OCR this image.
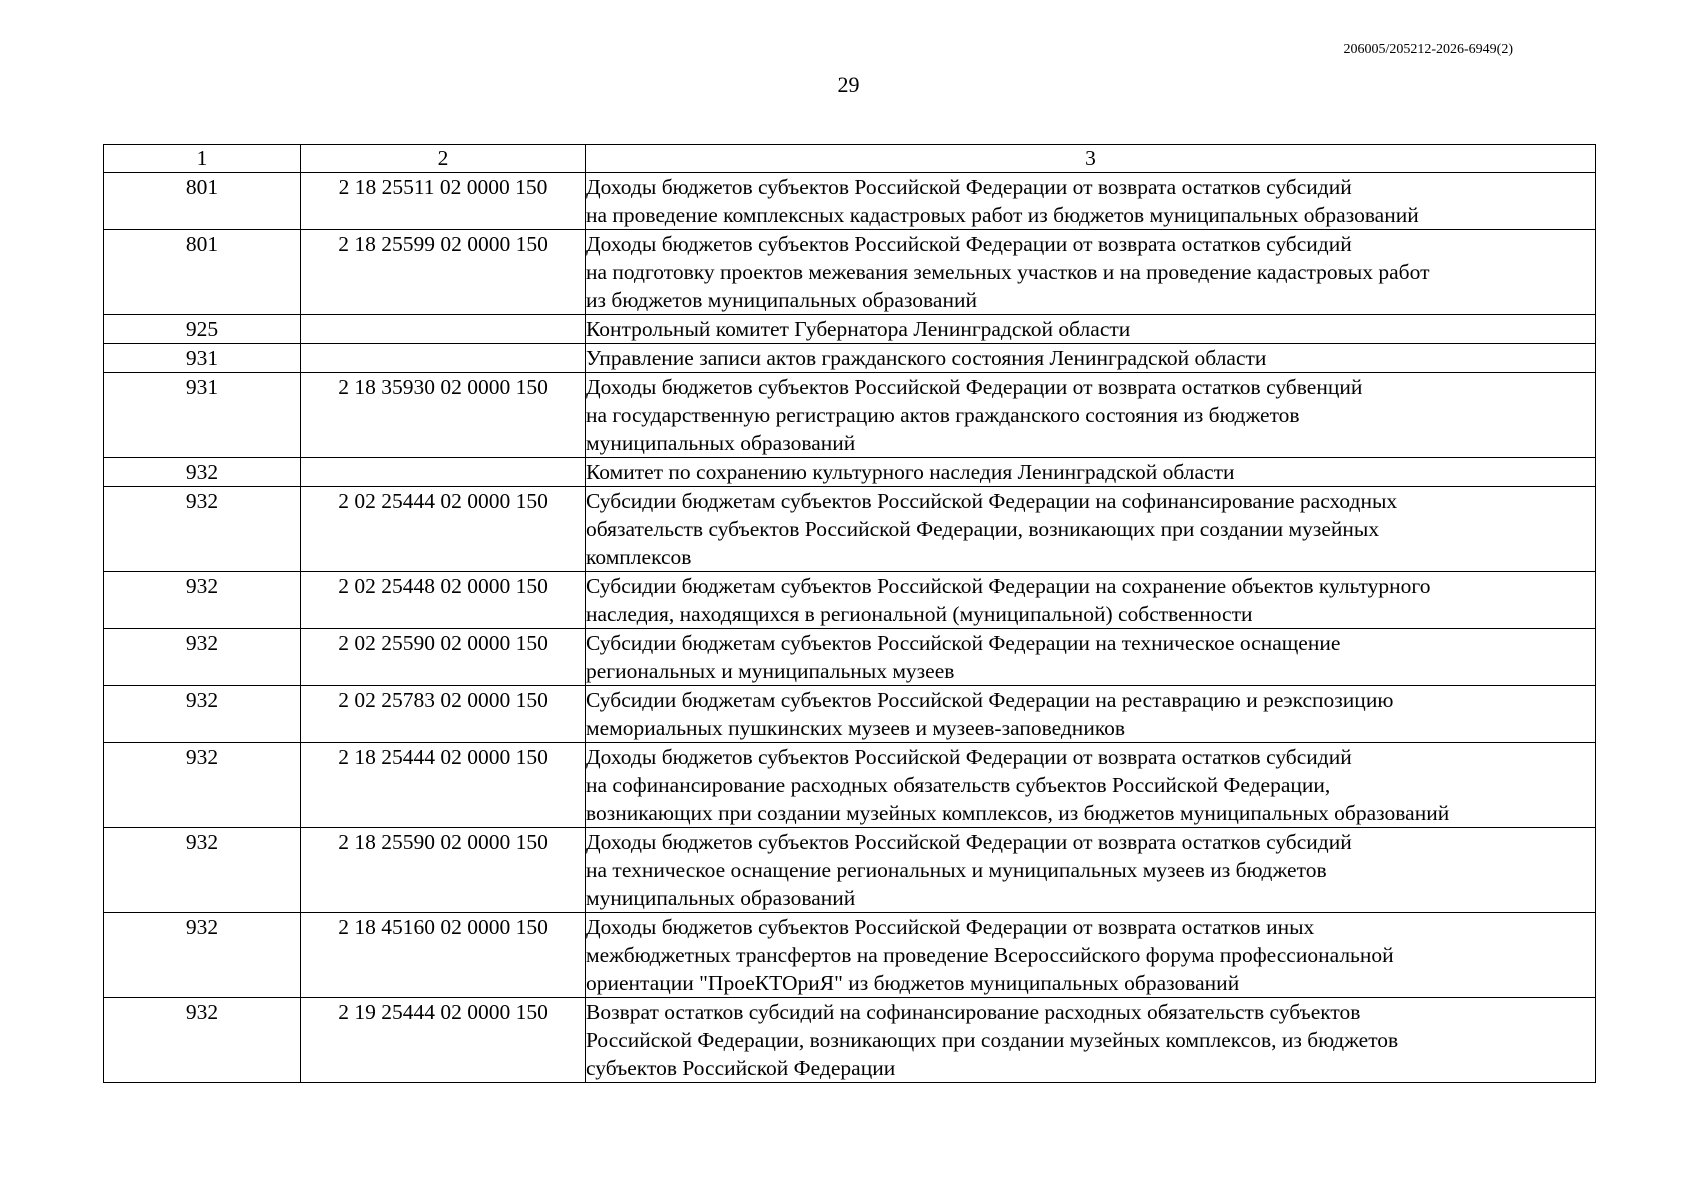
206005/205212-2026-6949(2)
29
1	2	3
801	2 18 25511 02 0000 150	Доходы бюджетов субъектов Российской Федерации от возврата остатков субсидий
на проведение комплексных кадастровых работ из бюджетов муниципальных образований

801	2 18 25599 02 0000 150	Доходы бюджетов субъектов Российской Федерации от возврата остатков субсидий
на подготовку проектов межевания земельных участков и на проведение кадастровых работ
из бюджетов муниципальных образований

925		Контрольный комитет Губернатора Ленинградской области

931		Управление записи актов гражданского состояния Ленинградской области

931	2 18 35930 02 0000 150	Доходы бюджетов субъектов Российской Федерации от возврата остатков субвенций
на государственную регистрацию актов гражданского состояния из бюджетов
муниципальных образований

932		Комитет по сохранению культурного наследия Ленинградской области

932	2 02 25444 02 0000 150	Субсидии бюджетам субъектов Российской Федерации на софинансирование расходных
обязательств субъектов Российской Федерации, возникающих при создании музейных
комплексов

932	2 02 25448 02 0000 150	Субсидии бюджетам субъектов Российской Федерации на сохранение объектов культурного
наследия, находящихся в региональной (муниципальной) собственности

932	2 02 25590 02 0000 150	Субсидии бюджетам субъектов Российской Федерации на техническое оснащение
региональных и муниципальных музеев

932	2 02 25783 02 0000 150	Субсидии бюджетам субъектов Российской Федерации на реставрацию и реэкспозицию
мемориальных пушкинских музеев и музеев-заповедников

932	2 18 25444 02 0000 150	Доходы бюджетов субъектов Российской Федерации от возврата остатков субсидий
на софинансирование расходных обязательств субъектов Российской Федерации,
возникающих при создании музейных комплексов, из бюджетов муниципальных образований

932	2 18 25590 02 0000 150	Доходы бюджетов субъектов Российской Федерации от возврата остатков субсидий
на техническое оснащение региональных и муниципальных музеев из бюджетов
муниципальных образований

932	2 18 45160 02 0000 150	Доходы бюджетов субъектов Российской Федерации от возврата остатков иных
межбюджетных трансфертов на проведение Всероссийского форума профессиональной
ориентации "ПроеКТОриЯ" из бюджетов муниципальных образований

932	2 19 25444 02 0000 150	Возврат остатков субсидий на софинансирование расходных обязательств субъектов
Российской Федерации, возникающих при создании музейных комплексов, из бюджетов
субъектов Российской Федерации
